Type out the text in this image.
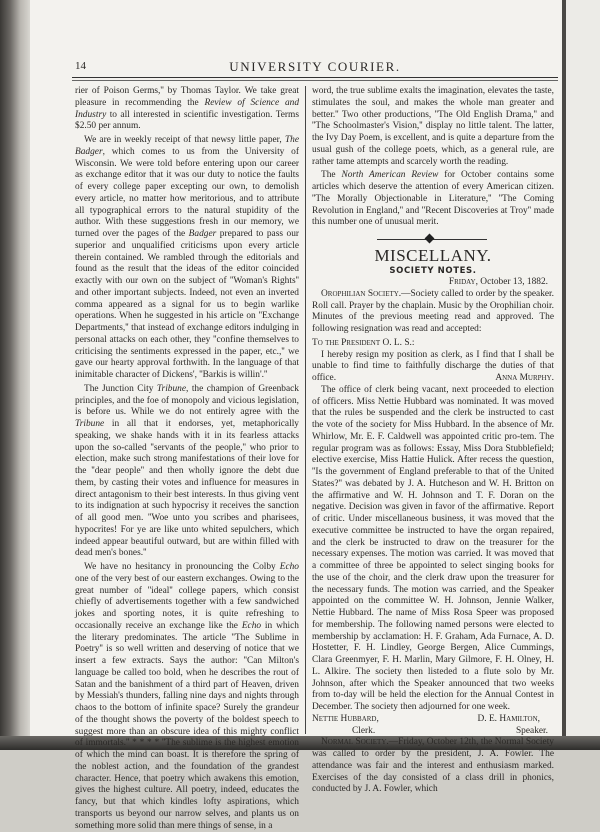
14	UNIVERSITY COURIER.

rier of Poison Germs,'' by Thomas Taylor. We take great pleasure in recommending the Review of Science and Industry to all interested in scientific investigation. Terms $2.50 per annum.

We are in weekly receipt of that newsy little paper, The Badger, which comes to us from the University of Wisconsin. We were told before entering upon our career as exchange editor that it was our duty to notice the faults of every college paper excepting our own, to demolish every article, no matter how meritorious, and to attribute all typographical errors to the natural stupidity of the author. With these suggestions fresh in our memory, we turned over the pages of the Badger prepared to pass our superior and unqualified criticisms upon every article therein contained. We rambled through the editorials and found as the result that the ideas of the editor coincided exactly with our own on the subject of ''Woman's Rights'' and other important subjects. Indeed, not even an inverted comma appeared as a signal for us to begin warlike operations. When he suggested in his article on ''Exchange Departments,'' that instead of exchange editors indulging in personal attacks on each other, they ''confine themselves to criticising the sentiments expressed in the paper, etc.,'' we gave our hearty approval forthwith. In the language of that inimitable character of Dickens', ''Barkis is willin'.''

The Junction City Tribune, the champion of Greenback principles, and the foe of monopoly and vicious legislation, is before us. While we do not entirely agree with the Tribune in all that it endorses, yet, metaphorically speaking, we shake hands with it in its fearless attacks upon the so-called ''servants of the people,'' who prior to election, make such strong manifestations of their love for the ''dear people'' and then wholly ignore the debt due them, by casting their votes and influence for measures in direct antagonism to their best interests. In thus giving vent to its indignation at such hypocrisy it receives the sanction of all good men. ''Woe unto you scribes and pharisees, hypocrites! For ye are like unto whited sepulchers, which indeed appear beautiful outward, but are within filled with dead men's bones.''

We have no hesitancy in pronouncing the Colby Echo one of the very best of our eastern exchanges. Owing to the great number of ''ideal'' college papers, which consist chiefly of advertisements together with a few sandwiched jokes and sporting notes, it is quite refreshing to occasionally receive an exchange like the Echo in which the literary predominates. The article ''The Sublime in Poetry'' is so well written and deserving of notice that we insert a few extracts. Says the author: ''Can Milton's language be called too bold, when he describes the rout of Satan and the banishment of a third part of Heaven, driven by Messiah's thunders, falling nine days and nights through chaos to the bottom of infinite space? Surely the grandeur of the thought shows the poverty of the boldest speech to suggest more than an obscure idea of this mighty conflict of immortals.'' * * * * ''The sublime is the highest emotion of which the mind can boast. It is therefore the spring of the noblest action, and the foundation of the grandest character. Hence, that poetry which awakens this emotion, gives the highest culture. All poetry, indeed, educates the fancy, but that which kindles lofty aspirations, which transports us beyond our narrow selves, and plants us on something more solid than mere things of sense, in a

word, the true sublime exalts the imagination, elevates the taste, stimulates the soul, and makes the whole man greater and better.'' Two other productions, ''The Old English Drama,'' and ''The Schoolmaster's Vision,'' display no little talent. The latter, the Ivy Day Poem, is excellent, and is quite a departure from the usual gush of the college poets, which, as a general rule, are rather tame attempts and scarcely worth the reading.

The North American Review for October contains some articles which deserve the attention of every American citizen. ''The Morally Objectionable in Literature,'' ''The Coming Revolution in England,'' and ''Recent Discoveries at Troy'' made this number one of unusual merit.

MISCELLANY.
SOCIETY NOTES.
Friday, October 13, 1882.

Orophilian Society.—Society called to order by the speaker. Roll call. Prayer by the chaplain. Music by the Orophilian choir. Minutes of the previous meeting read and approved. The following resignation was read and accepted:

To the President O. L. S.:

I hereby resign my position as clerk, as I find that I shall be unable to find time to faithfully discharge the duties of that office.	Anna Murphy.

The office of clerk being vacant, next proceeded to election of officers. Miss Nettie Hubbard was nominated. It was moved that the rules be suspended and the clerk be instructed to cast the vote of the society for Miss Hubbard. In the absence of Mr. Whirlow, Mr. E. F. Caldwell was appointed critic pro-tem. The regular program was as follows: Essay, Miss Dora Stubblefield; elective exercise, Miss Hattie Hulick. After recess the question, ''Is the government of England preferable to that of the United States?'' was debated by J. A. Hutcheson and W. H. Britton on the affirmative and W. H. Johnson and T. F. Doran on the negative. Decision was given in favor of the affirmative. Report of critic. Under miscellaneous business, it was moved that the executive committee be instructed to have the organ repaired, and the clerk be instructed to draw on the treasurer for the necessary expenses. The motion was carried. It was moved that a committee of three be appointed to select singing books for the use of the choir, and the clerk draw upon the treasurer for the necessary funds. The motion was carried, and the Speaker appointed on the committee W. H. Johnson, Jennie Walker, Nettie Hubbard. The name of Miss Rosa Speer was proposed for membership. The following named persons were elected to membership by acclamation: H. F. Graham, Ada Furnace, A. D. Hostetter, F. H. Lindley, George Bergen, Alice Cummings, Clara Greenmyer, F. H. Marlin, Mary Gilmore, F. H. Olney, H. L. Alkire. The society then listeded to a flute solo by Mr. Johnson, after which the Speaker announced that two weeks from to-day will be held the election for the Annual Contest in December. The society then adjourned for one week.

Nettie Hubbard,	D. E. Hamilton,
Clerk.	Speaker.

Normal Society.—Friday, October 12th, the Normal Society was called to order by the president, J. A. Fowler. The attendance was fair and the interest and enthusiasm marked. Exercises of the day consisted of a class drill in phonics, conducted by J. A. Fowler, which
